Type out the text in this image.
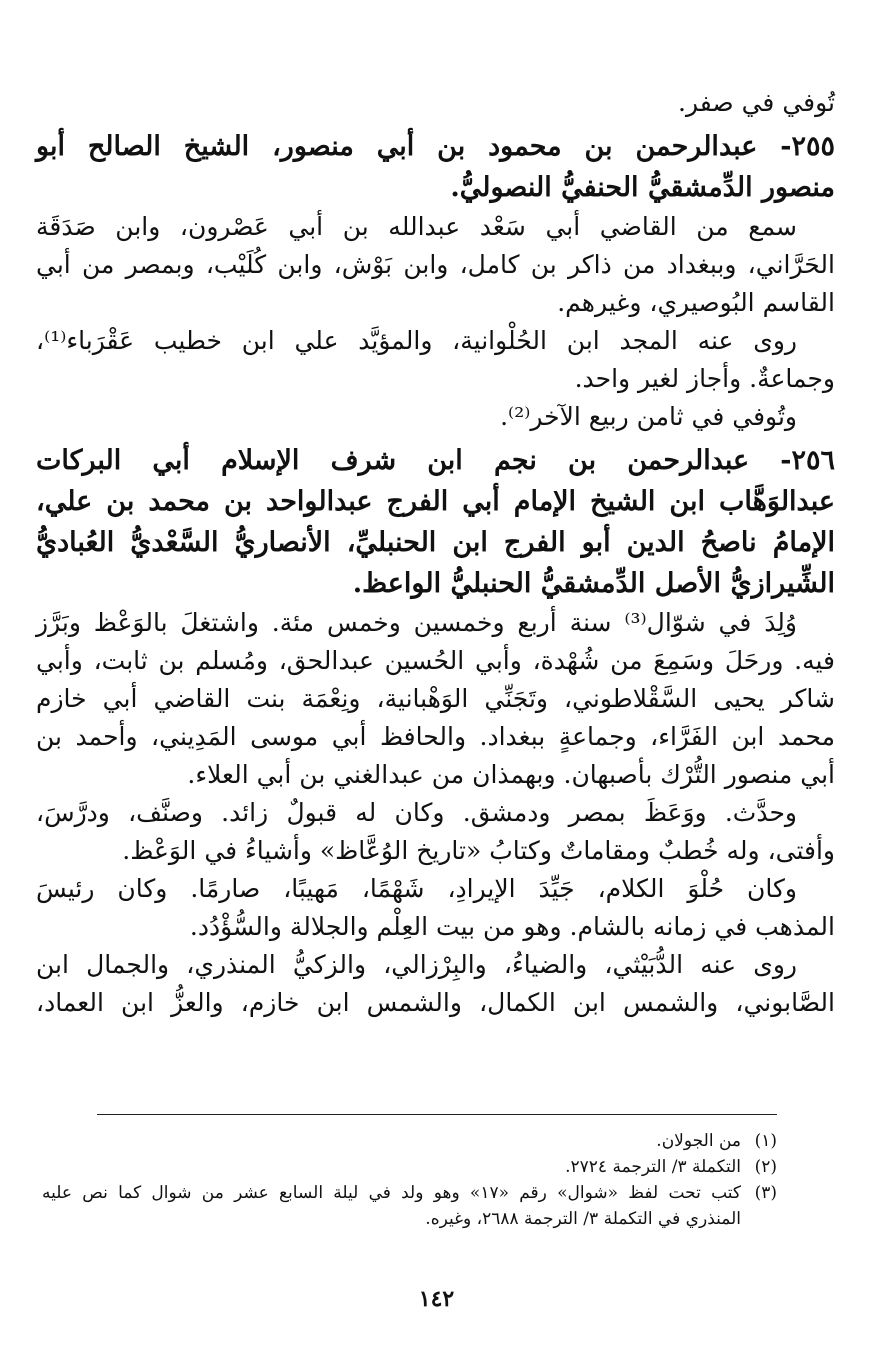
تُوفي في صفر.
٢٥٥- عبدالرحمن بن محمود بن أبي منصور، الشيخ الصالح أبو
منصور الدِّمشقيُّ الحنفيُّ النصوليُّ.
سمع من القاضي أبي سَعْد عبدالله بن أبي عَصْرون، وابن صَدَقَة
الحَرَّاني، وببغداد من ذاكر بن كامل، وابن بَوْش، وابن كُلَيْب، وبمصر من أبي
القاسم البُوصيري، وغيرهم.
روى عنه المجد ابن الحُلْوانية، والمؤيَّد علي ابن خطيب عَقْرَباء⁽¹⁾،
وجماعةٌ. وأجاز لغير واحد.
وتُوفي في ثامن ربيع الآخر⁽²⁾.
٢٥٦- عبدالرحمن بن نجم ابن شرف الإسلام أبي البركات
عبدالوَهَّاب ابن الشيخ الإمام أبي الفرج عبدالواحد بن محمد بن علي،
الإمامُ ناصحُ الدين أبو الفرج ابن الحنبليِّ، الأنصاريُّ السَّعْديُّ العُباديُّ
الشِّيرازيُّ الأصل الدِّمشقيُّ الحنبليُّ الواعظ.
وُلِدَ في شوّال⁽³⁾ سنة أربع وخمسين وخمس مئة. واشتغلَ بالوَعْظ وبَرَّز
فيه. ورحَلَ وسَمِعَ من شُهْدة، وأبي الحُسين عبدالحق، ومُسلم بن ثابت، وأبي
شاكر يحيى السَّقْلاطوني، وتَجَنِّي الوَهْبانية، ونِعْمَة بنت القاضي أبي خازم
محمد ابن الفَرَّاء، وجماعةٍ ببغداد. والحافظ أبي موسى المَدِيني، وأحمد بن
أبي منصور التُّرْك بأصبهان. وبهمذان من عبدالغني بن أبي العلاء.
وحدَّث. ووَعَظَ بمصر ودمشق. وكان له قبولٌ زائد. وصنَّف، ودرَّسَ،
وأفتى، وله خُطبٌ ومقاماتٌ وكتابُ «تاريخ الوُعَّاظ» وأشياءُ في الوَعْظ.
وكان حُلْوَ الكلام، جَيِّدَ الإيرادِ، شَهْمًا، مَهيبًا، صارمًا. وكان رئيسَ
المذهب في زمانه بالشام. وهو من بيت العِلْم والجلالة والسُّؤْدُد.
روى عنه الدُّبَيْثي، والضياءُ، والبِرْزالي، والزكيُّ المنذري، والجمال ابن
الصَّابوني، والشمس ابن الكمال، والشمس ابن خازم، والعزُّ ابن العماد،
(١)
من الجولان.
(٢)
التكملة ٣/ الترجمة ٢٧٢٤.
(٣)
كتب تحت لفظ «شوال» رقم «١٧» وهو ولد في ليلة السابع عشر من شوال كما نص عليه
المنذري في التكملة ٣/ الترجمة ٢٦٨٨، وغيره.
١٤٢
